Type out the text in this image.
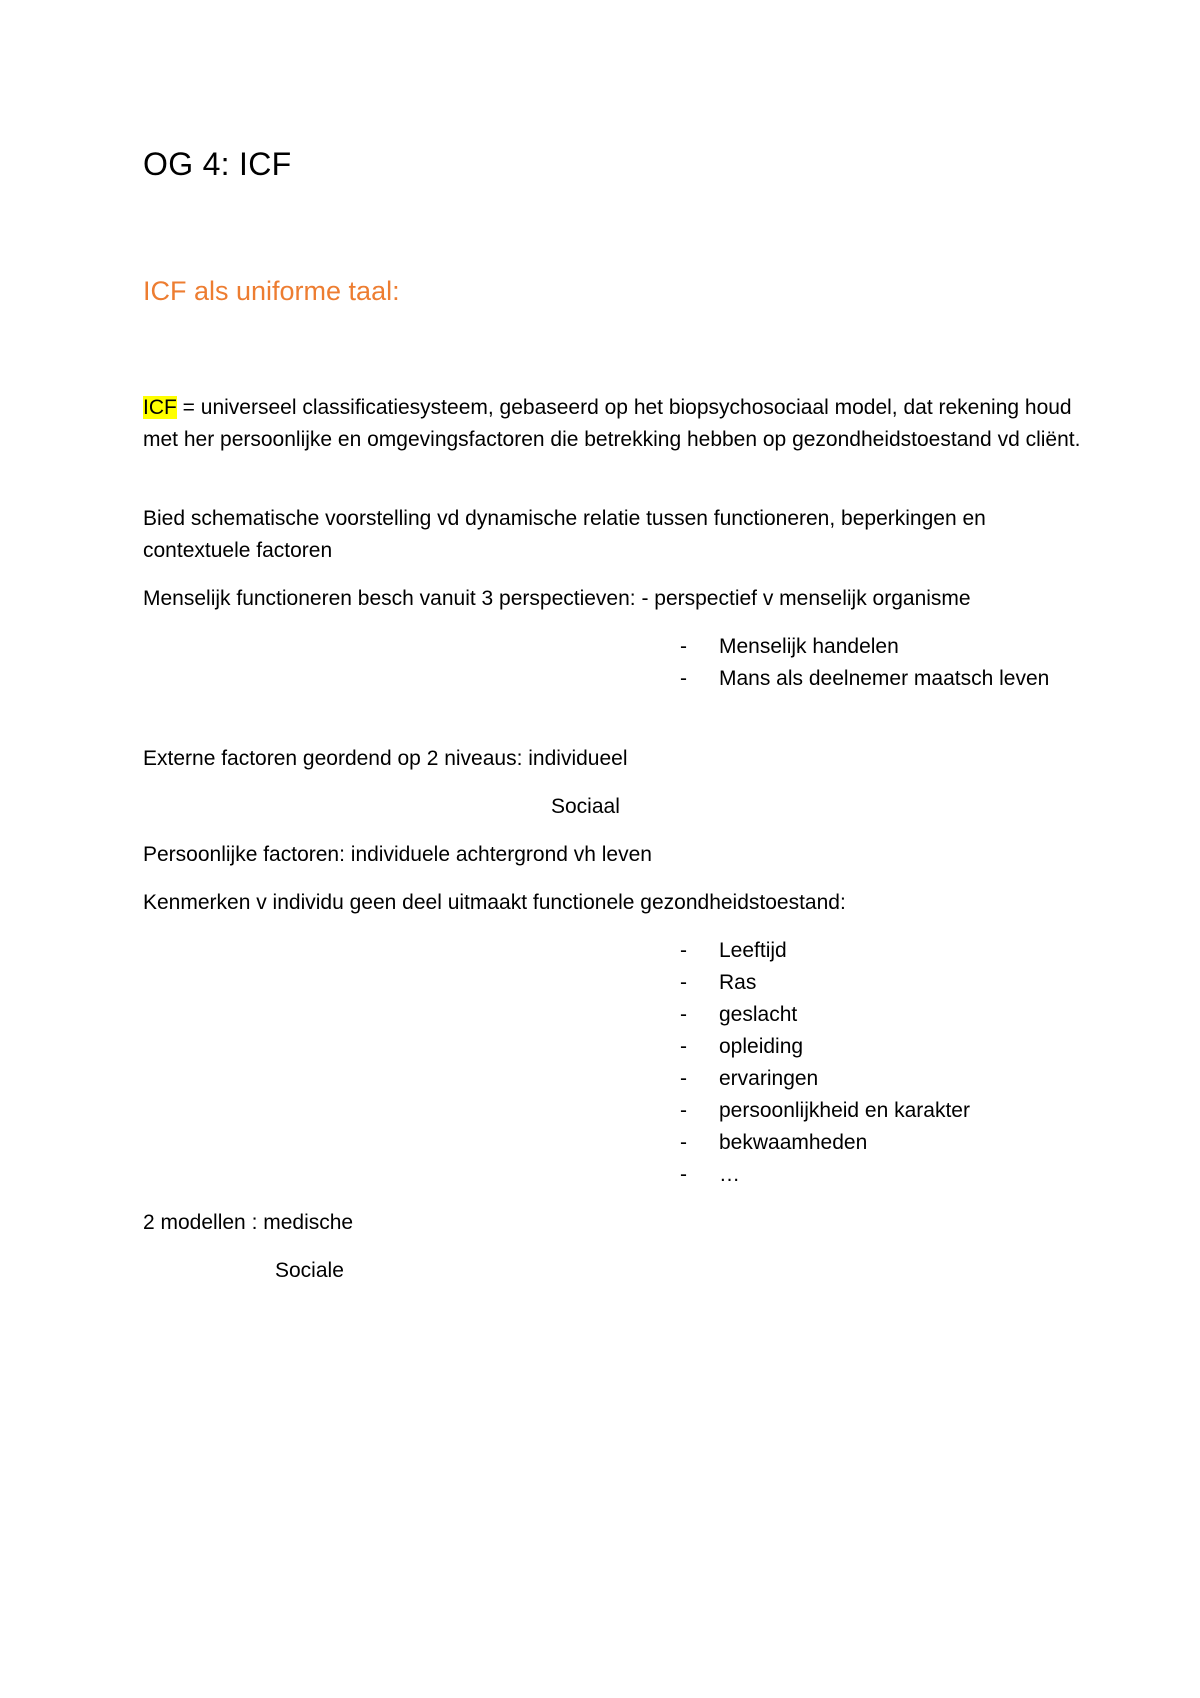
OG 4: ICF
ICF als uniforme taal:

ICF = universeel classificatiesysteem, gebaseerd op het biopsychosociaal model, dat rekening houd met her persoonlijke en omgevingsfactoren die betrekking hebben op gezondheidstoestand vd cliënt.

Bied schematische voorstelling vd dynamische relatie tussen functioneren, beperkingen en contextuele factoren

Menselijk functioneren besch vanuit 3 perspectieven: - perspectief v menselijk organisme

- Menselijk handelen
- Mans als deelnemer maatsch leven

Externe factoren geordend op 2 niveaus: individueel

Sociaal

Persoonlijke factoren: individuele achtergrond vh leven

Kenmerken v individu geen deel uitmaakt functionele gezondheidstoestand:

- Leeftijd
- Ras
- geslacht
- opleiding
- ervaringen
- persoonlijkheid en karakter
- bekwaamheden
- …

2 modellen : medische

Sociale
